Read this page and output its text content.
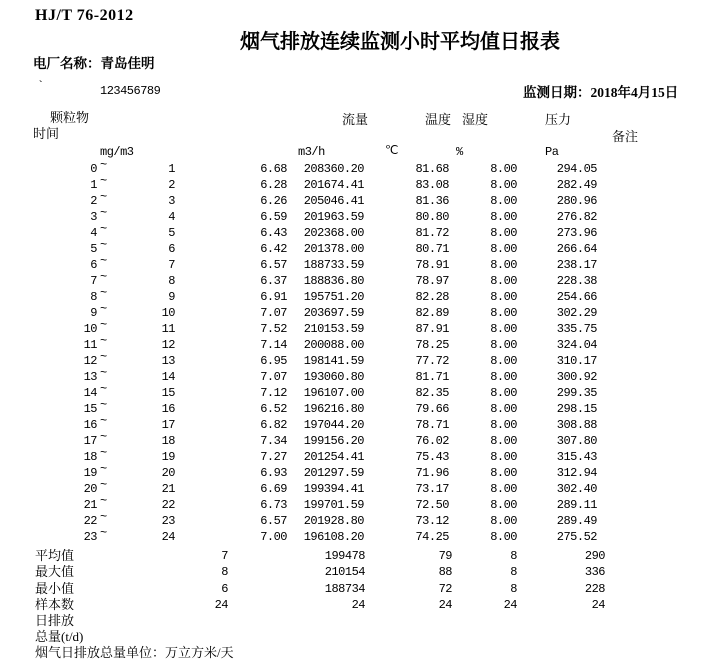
HJ/T 76-2012
烟气排放连续监测小时平均值日报表
电厂名称：青岛佳明
`	123456789	监测日期：2018年4月15日
颗粒物
时间
流量	温度 湿度	压力
备注
mg/m3	m3/h	℃	%	Pa
0	1	6.68	208360.20	81.68	8.00	294.05
~
1	2	6.28	201674.41	83.08	8.00	282.49
~
2	3	6.26	205046.41	81.36	8.00	280.96
~
3	4	6.59	201963.59	80.80	8.00	276.82
~
4	5	6.43	202368.00	81.72	8.00	273.96
~
5	6	6.42	201378.00	80.71	8.00	266.64
~
6	7	6.57	188733.59	78.91	8.00	238.17
~
7	8	6.37	188836.80	78.97	8.00	228.38
~
8	9	6.91	195751.20	82.28	8.00	254.66
~
9	10	7.07	203697.59	82.89	8.00	302.29
~
10	11	7.52	210153.59	87.91	8.00	335.75
~
11	12	7.14	200088.00	78.25	8.00	324.04
~
12	13	6.95	198141.59	77.72	8.00	310.17
~
13	14	7.07	193060.80	81.71	8.00	300.92
~
14	15	7.12	196107.00	82.35	8.00	299.35
~
15	16	6.52	196216.80	79.66	8.00	298.15
~
16	17	6.82	197044.20	78.71	8.00	308.88
~
17	18	7.34	199156.20	76.02	8.00	307.80
~
18	19	7.27	201254.41	75.43	8.00	315.43
~
19	20	6.93	201297.59	71.96	8.00	312.94
~
20	21	6.69	199394.41	73.17	8.00	302.40
~
21	22	6.73	199701.59	72.50	8.00	289.11
~
22	23	6.57	201928.80	73.12	8.00	289.49
~
23	24	7.00	196108.20	74.25	8.00	275.52
~
平均值	7	199478	79	8	290
最大值	8	210154	88	8	336
最小值	6	188734	72	8	228
样本数	24	24	24	24	24
日排放
总量(t/d)
烟气日排放总量单位：万立方米/天
